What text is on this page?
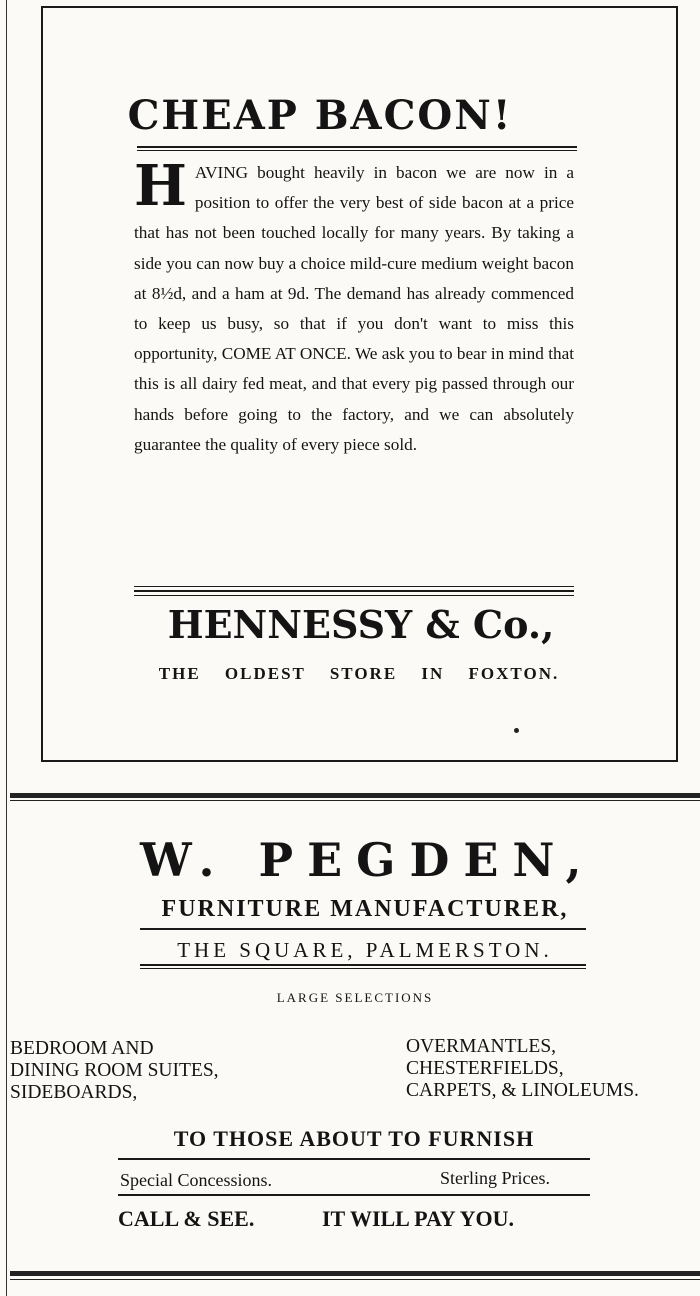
CHEAP BACON!
HAVING bought heavily in bacon we are now in a position to offer the very best of side bacon at a price that has not been touched locally for many years. By taking a side you can now buy a choice mild-cure medium weight bacon at 8½d, and a ham at 9d. The demand has already commenced to keep us busy, so that if you don't want to miss this opportunity, COME AT ONCE. We ask you to bear in mind that this is all dairy fed meat, and that every pig passed through our hands before going to the factory, and we can absolutely guarantee the quality of every piece sold.
HENNESSY & Co.,
THE OLDEST STORE IN FOXTON.
W. PEGDEN,
FURNITURE MANUFACTURER,
THE SQUARE, PALMERSTON.
LARGE SELECTIONS
BEDROOM AND
DINING ROOM SUITES,
SIDEBOARDS,
OVERMANTLES,
CHESTERFIELDS,
CARPETS, & LINOLEUMS.
TO THOSE ABOUT TO FURNISH
Special Concessions.	Sterling Prices.
CALL & SEE.	IT WILL PAY YOU.
